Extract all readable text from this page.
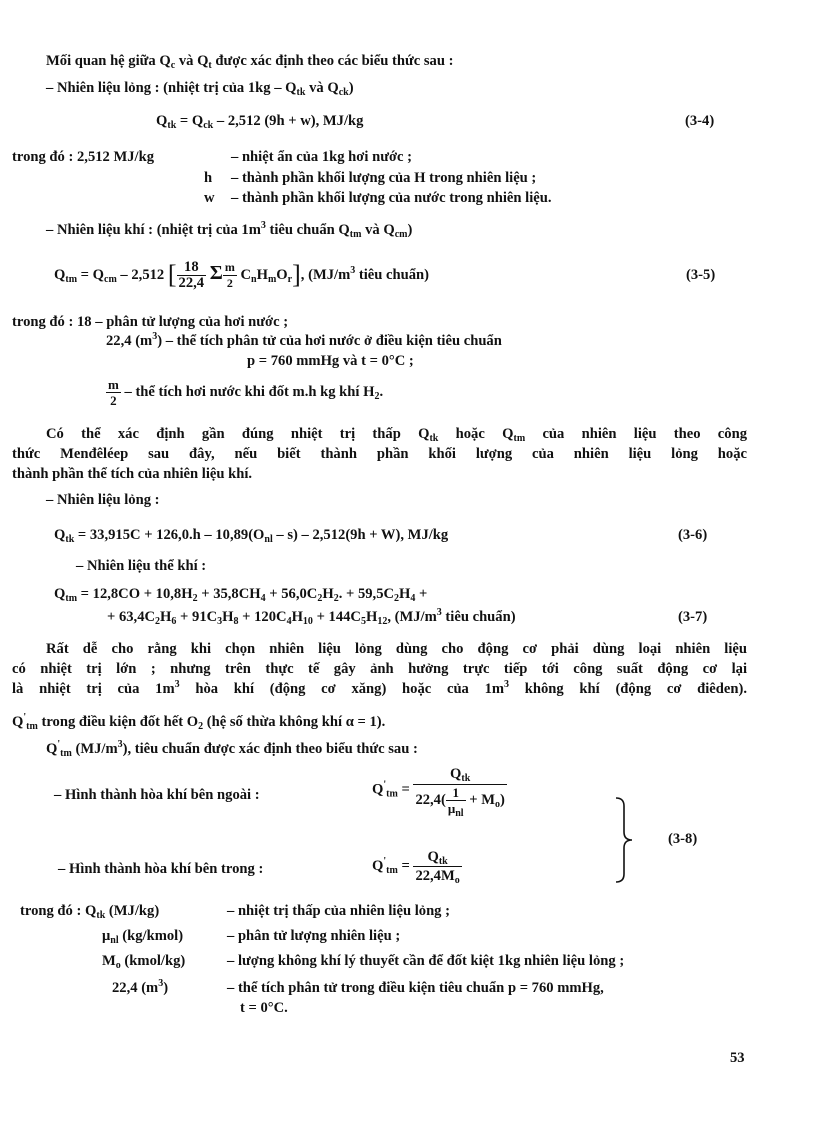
Mối quan hệ giữa $Q_c$ và $Q_t$ được xác định theo các biểu thức sau :
– Nhiên liệu lỏng : (nhiệt trị của $1kg - Q_{tk}$ và $Q_{ck}$)
$Q_{tk} = Q_{ck} - 2,512$ (9h + w), MJ/kg	(3-4)
trong đó : 2,512 MJ/kg	– nhiệt ẩn của 1kg hơi nước ;
h – thành phần khối lượng của H trong nhiên liệu ;
w – thành phần khối lượng của nước trong nhiên liệu.
– Nhiên liệu khí : (nhiệt trị của $1m^3$ tiêu chuẩn $Q_{tm}$ và $Q_{cm}$)
$Q_{tm} = Q_{cm} - 2,512$ [ $\frac{18}{22,4}$ Σ $\frac{m}{2} C_nH_mO_r$], ($MJ/m^3$ tiêu chuẩn)	(3-5)
trong đó : 18 – phân tử lượng của hơi nước ;
22,4 $(m^3)$ – thể tích phân tử của hơi nước ở điều kiện tiêu chuẩn
p = 760 mmHg và t = 0°C ;
$\frac{m}{2}$ – thể tích hơi nước khi đốt m.h kg khí $H_2$.
Có thể xác định gần đúng nhiệt trị thấp $Q_{tk}$ hoặc $Q_{tm}$ của nhiên liệu theo công
thức Menđêléep sau đây, nếu biết thành phần khối lượng của nhiên liệu lỏng hoặc
thành phần thể tích của nhiên liệu khí.
– Nhiên liệu lỏng :
$Q_{tk} = 33,915C + 126,0.h - 10,89(O_{nl} - s) - 2,512(9h + W)$, MJ/kg	(3-6)
– Nhiên liệu thể khí :
$Q_{tm} = 12,8CO + 10,8H_2 + 35,8CH_4 + 56,0C_2H_2$. + $59,5C_2H_4$ +
+ $63,4C_2H_6 + 91C_3H_8 + 120C_4H_{10} + 144C_5H_{12}$, ($MJ/m^3$ tiêu chuẩn)	(3-7)
Rất dễ cho rằng khi chọn nhiên liệu lỏng dùng cho động cơ phải dùng loại nhiên liệu
có nhiệt trị lớn ; nhưng trên thực tế gây ảnh hưởng trực tiếp tới công suất động cơ lại
là nhiệt trị của $1m^3$ hòa khí (động cơ xăng) hoặc của $1m^3$ không khí (động cơ điêden).
$Q'_{tm}$ trong điều kiện đốt hết $O_2$ (hệ số thừa không khí α = 1).
$Q'_{tm}$ $(MJ/m^3)$, tiêu chuẩn được xác định theo biểu thức sau :
– Hình thành hòa khí bên ngoài :	$Q'_{tm} = \frac{Q_{tk}}{22,4( \frac{1}{\mu_{nl}} + M_o)}$
– Hình thành hòa khí bên trong :	$Q'_{tm} = \frac{Q_{tk}}{22,4M_o}$
(3-8)
trong đó : $Q_{tk}$ (MJ/kg)	– nhiệt trị thấp của nhiên liệu lỏng ;
$\mu_{nl}$ (kg/kmol)	– phân tử lượng nhiên liệu ;
$M_o$ (kmol/kg)	– lượng không khí lý thuyết cần để đốt kiệt 1kg nhiên liệu lỏng ;
22,4 $(m^3)$	– thể tích phân tử trong điều kiện tiêu chuẩn p = 760 mmHg,
t = 0°C.
53
